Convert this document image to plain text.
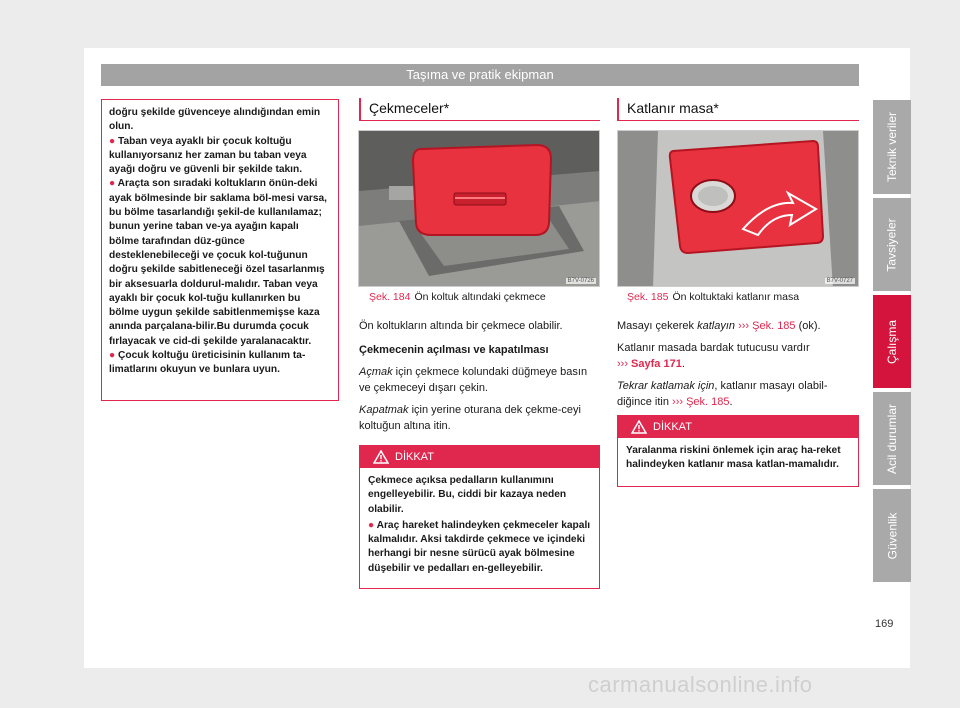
Taşıma ve pratik ekipman
Teknik veriler
Tavsiyeler
Çalışma
Acil durumlar
Güvenlik
169

doğru şekilde güvenceye alındığından emin olun.

● Taban veya ayaklı bir çocuk koltuğu kullanıyorsanız her zaman bu taban veya ayağı doğru ve güvenli bir şekilde takın.

● Araçta son sıradaki koltukların önün-deki ayak bölmesinde bir saklama böl-mesi varsa, bu bölme tasarlandığı şekil-de kullanılamaz; bunun yerine taban ve-ya ayağın kapalı bölme tarafından düz-günce desteklenebileceği ve çocuk kol-tuğunun doğru şekilde sabitleneceği özel tasarlanmış bir aksesuarla doldurul-malıdır. Taban veya ayaklı bir çocuk kol-tuğu kullanırken bu bölme uygun şekilde sabitlenmemişse kaza anında parçalana-bilir.Bu durumda çocuk fırlayacak ve cid-di şekilde yaralanacaktır.

● Çocuk koltuğu üreticisinin kullanım ta-limatlarını okuyun ve bunlara uyun.

Çekmeceler*
B7V-0726
Şek. 184 Ön koltuk altındaki çekmece

Ön koltukların altında bir çekmece olabilir.

Çekmecenin açılması ve kapatılması

Açmak için çekmece kolundaki düğmeye basın ve çekmeceyi dışarı çekin.

Kapatmak için yerine oturana dek çekme-ceyi koltuğun altına itin.

DİKKAT

Çekmece açıksa pedalların kullanımını engelleyebilir. Bu, ciddi bir kazaya neden olabilir.

● Araç hareket halindeyken çekmeceler kapalı kalmalıdır. Aksi takdirde çekmece ve içindeki herhangi bir nesne sürücü ayak bölmesine düşebilir ve pedalları en-gelleyebilir.

Katlanır masa*
B7V-0727
Şek. 185 Ön koltuktaki katlanır masa

Masayı çekerek katlayın ››› Şek. 185 (ok).

Katlanır masada bardak tutucusu vardır
››› Sayfa 171.

Tekrar katlamak için, katlanır masayı olabil-diğince itin ››› Şek. 185.

DİKKAT

Yaralanma riskini önlemek için araç ha-reket halindeyken katlanır masa katlan-mamalıdır.

carmanualsonline.info
